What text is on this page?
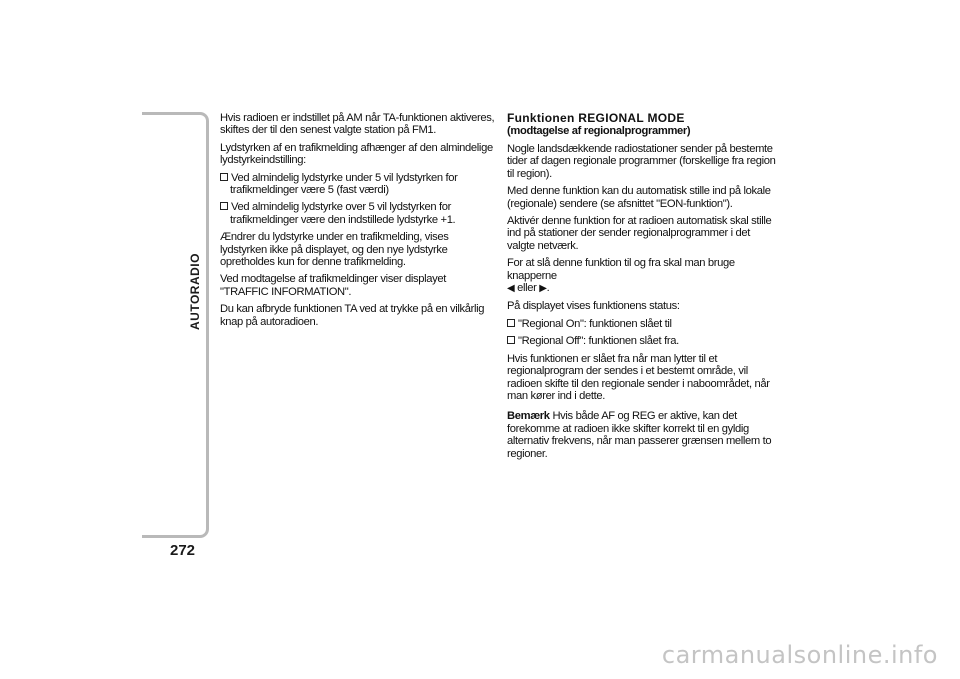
AUTORADIO
272

Hvis radioen er indstillet på AM når TA-funktionen aktiveres, skiftes der til den senest valgte station på FM1.

Lydstyrken af en trafikmelding afhænger af den almindelige lydstyrkeindstilling:

Ved almindelig lydstyrke under 5 vil lydstyrken for trafikmeldinger være 5 (fast værdi)

Ved almindelig lydstyrke over 5 vil lydstyrken for trafikmeldinger være den indstillede lydstyrke +1.

Ændrer du lydstyrke under en trafikmelding, vises lydstyrken ikke på displayet, og den nye lydstyrke opretholdes kun for denne trafikmelding.

Ved modtagelse af trafikmeldinger viser displayet "TRAFFIC INFORMATION".

Du kan afbryde funktionen TA ved at trykke på en vilkårlig knap på autoradioen.

Funktionen REGIONAL MODE
(modtagelse af regionalprogrammer)

Nogle landsdækkende radiostationer sender på bestemte tider af dagen regionale programmer (forskellige fra region til region).

Med denne funktion kan du automatisk stille ind på lokale (regionale) sendere (se afsnittet "EON-funktion").

Aktivér denne funktion for at radioen automatisk skal stille ind på stationer der sender regionalprogrammer i det valgte netværk.

For at slå denne funktion til og fra skal man bruge knapperne
◀ eller ▶.

På displayet vises funktionens status:

"Regional On": funktionen slået til

"Regional Off": funktionen slået fra.

Hvis funktionen er slået fra når man lytter til et regionalprogram der sendes i et bestemt område, vil radioen skifte til den regionale sender i naboområdet, når man kører ind i dette.

Bemærk Hvis både AF og REG er aktive, kan det forekomme at radioen ikke skifter korrekt til en gyldig alternativ frekvens, når man passerer grænsen mellem to regioner.

carmanualsonline.info
